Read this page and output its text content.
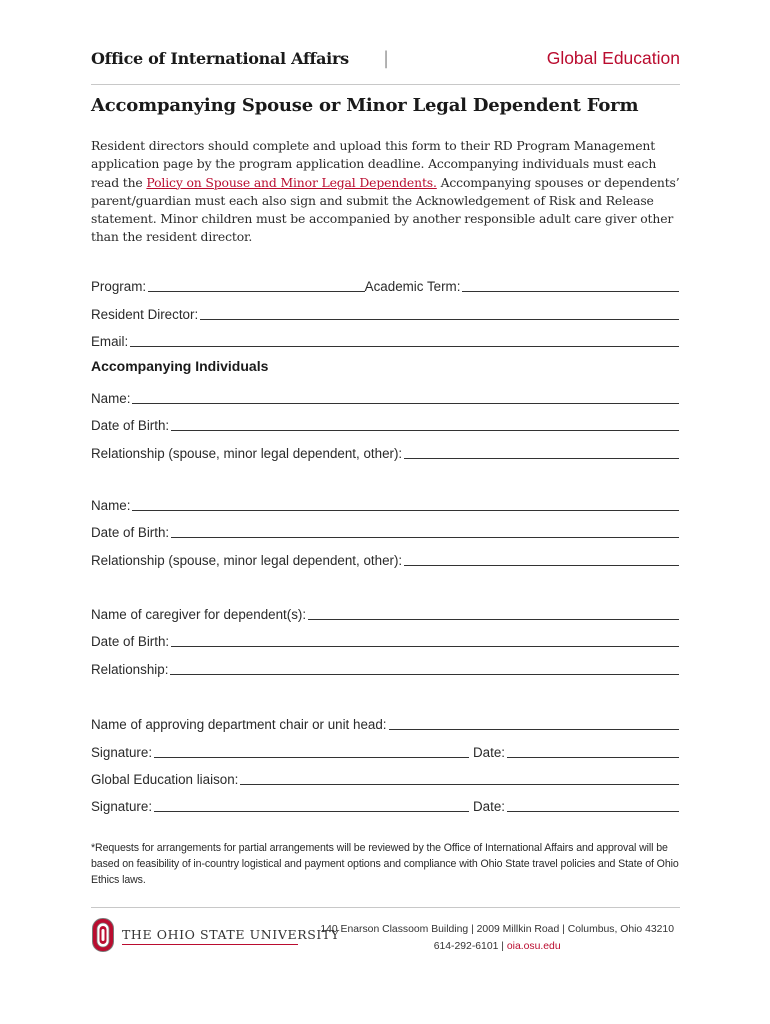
Office of International Affairs |	Global Education
Accompanying Spouse or Minor Legal Dependent Form

Resident directors should complete and upload this form to their RD Program Management application page by the program application deadline. Accompanying individuals must each read the Policy on Spouse and Minor Legal Dependents. Accompanying spouses or dependents’ parent/guardian must each also sign and submit the Acknowledgement of Risk and Release statement. Minor children must be accompanied by another responsible adult care giver other than the resident director.

Program:	Academic Term:
Resident Director:
Email:
Accompanying Individuals
Name:
Date of Birth:
Relationship (spouse, minor legal dependent, other):
Name:
Date of Birth:
Relationship (spouse, minor legal dependent, other):
Name of caregiver for dependent(s):
Date of Birth:
Relationship:
Name of approving department chair or unit head:
Signature:	Date:
Global Education liaison:
Signature:	Date:

*Requests for arrangements for partial arrangements will be reviewed by the Office of International Affairs and approval will be based on feasibility of in-country logistical and payment options and compliance with Ohio State travel policies and State of Ohio Ethics laws.

THE OHIO STATE UNIVERSITY
140 Enarson Classoom Building | 2009 Millkin Road | Columbus, Ohio 43210
614-292-6101 | oia.osu.edu
